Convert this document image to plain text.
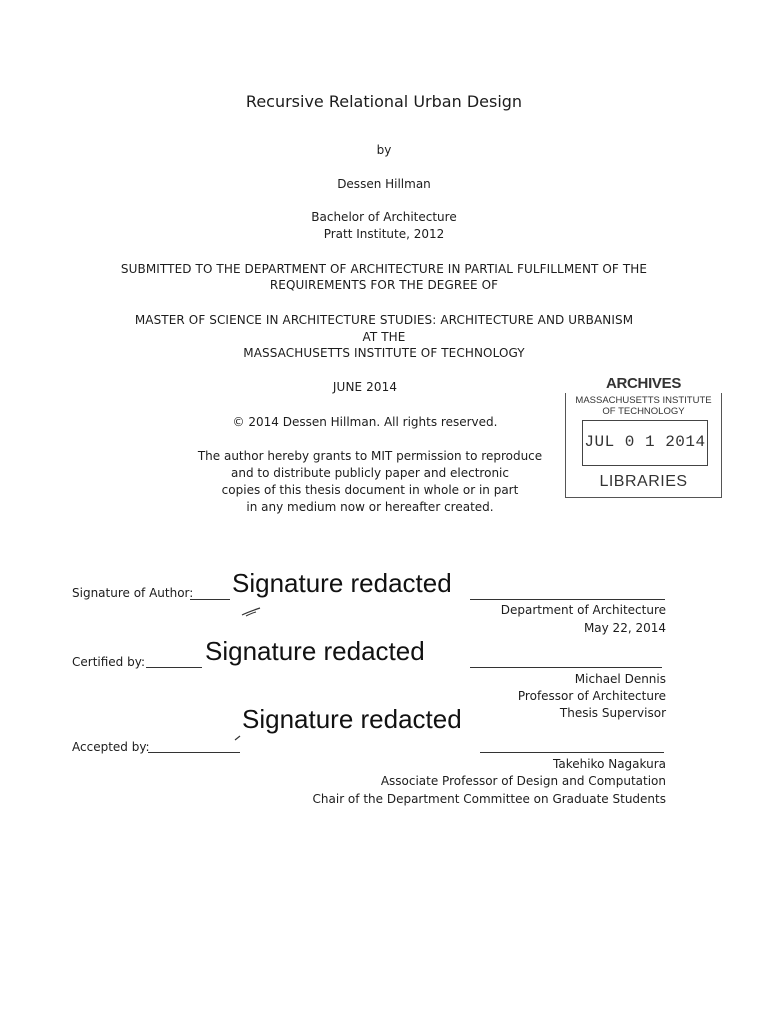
Recursive Relational Urban Design
by
Dessen Hillman
Bachelor of Architecture
Pratt Institute, 2012
SUBMITTED TO THE DEPARTMENT OF ARCHITECTURE IN PARTIAL FULFILLMENT OF THE
REQUIREMENTS FOR THE DEGREE OF
MASTER OF SCIENCE IN ARCHITECTURE STUDIES: ARCHITECTURE AND URBANISM
AT THE
MASSACHUSETTS INSTITUTE OF TECHNOLOGY
JUNE 2014
© 2014 Dessen Hillman. All rights reserved.
The author hereby grants to MIT permission to reproduce
and to distribute publicly paper and electronic
copies of this thesis document in whole or in part
in any medium now or hereafter created.
ARCHIVES
MASSACHUSETTS INSTITUTE
OF TECHNOLOGY
JUL 0 1 2014
LIBRARIES
Signature of Author: Signature redacted
Department of Architecture
May 22, 2014
Certified by: Signature redacted
Michael Dennis
Professor of Architecture
Thesis Supervisor
Signature redacted
Accepted by:
Takehiko Nagakura
Associate Professor of Design and Computation
Chair of the Department Committee on Graduate Students
